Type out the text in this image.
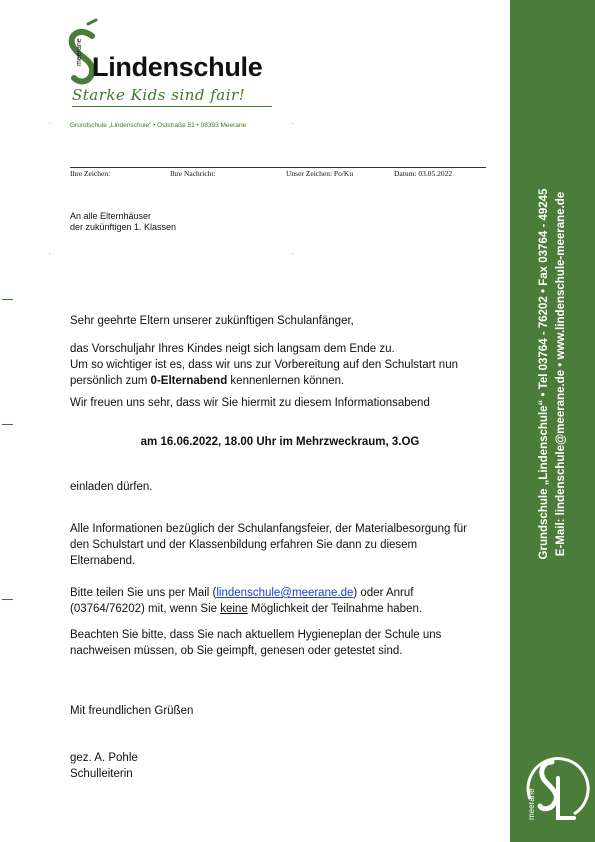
Lindenschule
meerane
Starke Kids sind fair!
Grundschule „Lindenschule“ • Oststraße 51 • 08393 Meerane
.	.
Ihre Zeichen:	Ihre Nachricht:	Unser Zeichen: Po/Ku	Datum: 03.05.2022
An alle Elternhäuser
der zukünftigen 1. Klassen
.	.
Sehr geehrte Eltern unserer zukünftigen Schulanfänger,
das Vorschuljahr Ihres Kindes neigt sich langsam dem Ende zu.
Um so wichtiger ist es, dass wir uns zur Vorbereitung auf den Schulstart nun
persönlich zum 0-Elternabend kennenlernen können.
Wir freuen uns sehr, dass wir Sie hiermit zu diesem Informationsabend
am 16.06.2022, 18.00 Uhr im Mehrzweckraum, 3.OG
einladen dürfen.
Alle Informationen bezüglich der Schulanfangsfeier, der Materialbesorgung für
den Schulstart und der Klassenbildung erfahren Sie dann zu diesem
Elternabend.
Bitte teilen Sie uns per Mail (lindenschule@meerane.de) oder Anruf
(03764/76202) mit, wenn Sie keine Möglichkeit der Teilnahme haben.
Beachten Sie bitte, dass Sie nach aktuellem Hygieneplan der Schule uns
nachweisen müssen, ob Sie geimpft, genesen oder getestet sind.
Mit freundlichen Grüßen
gez. A. Pohle
Schulleiterin
Grundschule „Lindenschule“ • Tel 03764 - 76202 • Fax 03764 - 49245 E-Mail: lindenschule@meerane.de • www.lindenschule-meerane.de
meerane
